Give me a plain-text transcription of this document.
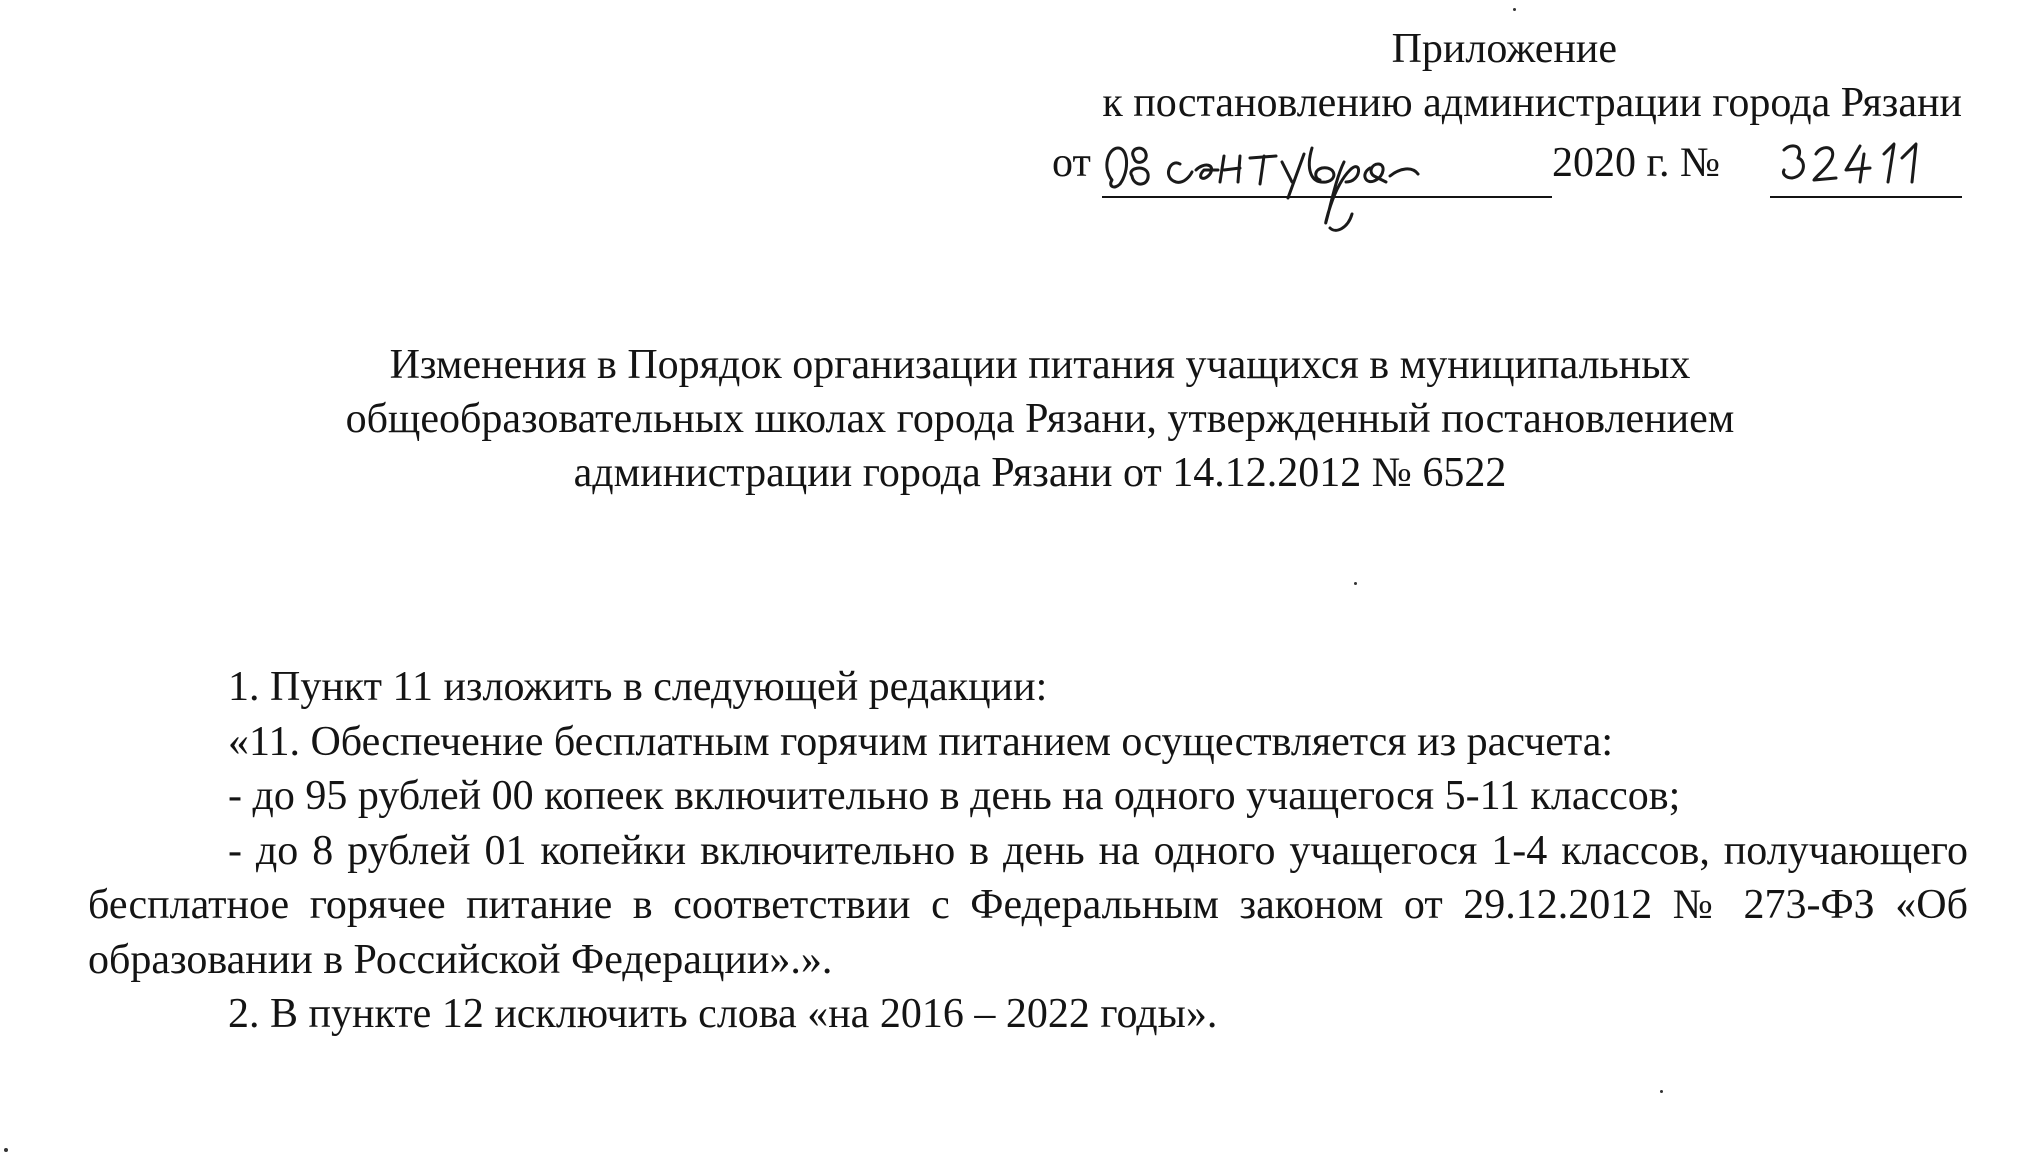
Приложение
к постановлению администрации города Рязани
от	2020 г. №
Изменения в Порядок организации питания учащихся в муниципальных
общеобразовательных школах города Рязани, утвержденный постановлением
администрации города Рязани от 14.12.2012 № 6522

1. Пункт 11 изложить в следующей редакции:

«11. Обеспечение бесплатным горячим питанием осуществляется из расчета:

- до 95 рублей 00 копеек включительно в день на одного учащегося 5-11 классов;

- до 8 рублей 01 копейки включительно в день на одного учащегося 1-4 классов, получающего бесплатное горячее питание в соответствии с Федеральным законом от 29.12.2012 № 273-ФЗ «Об образовании в Российской Федерации».».

2. В пункте 12 исключить слова «на 2016 – 2022 годы».
